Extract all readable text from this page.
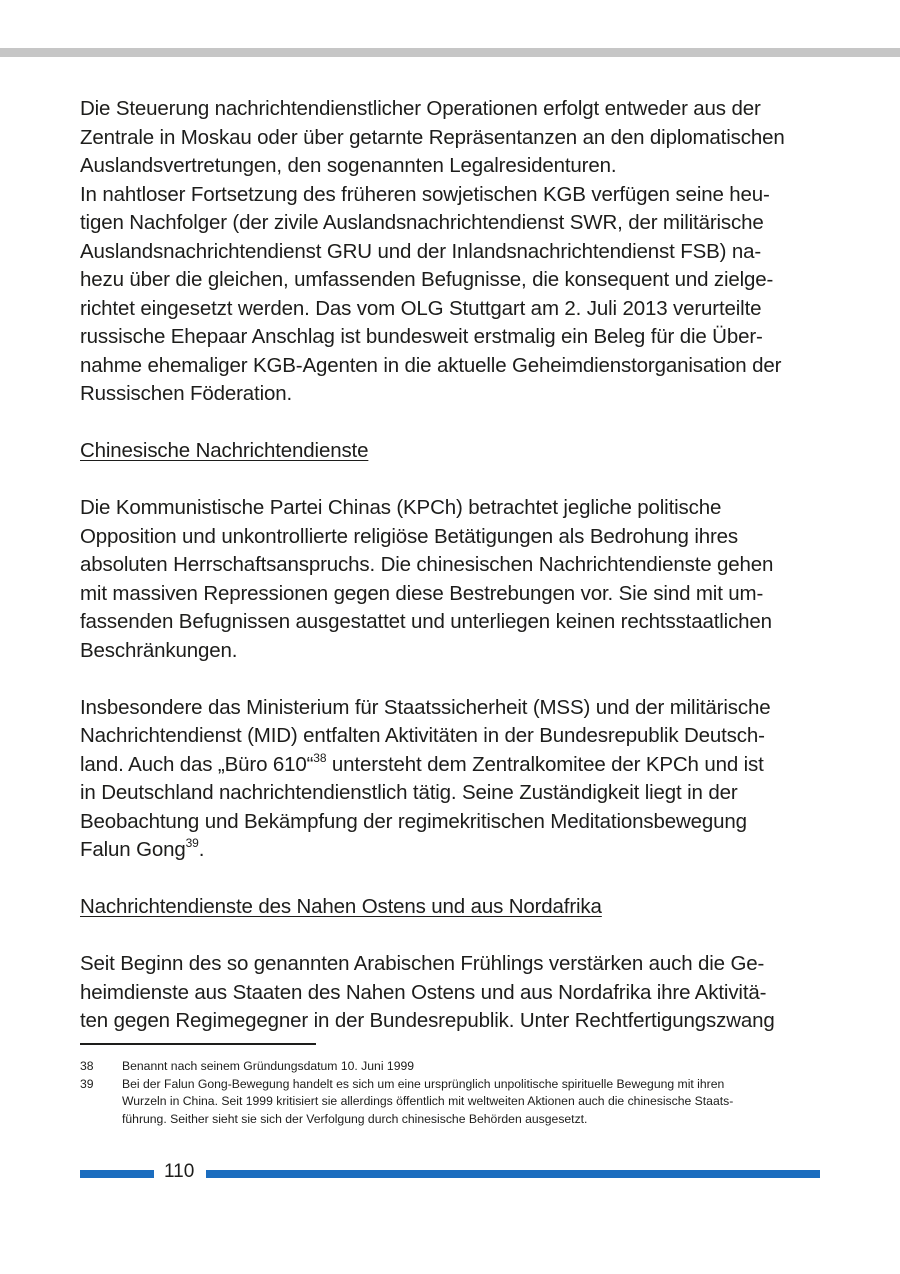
Die Steuerung nachrichtendienstlicher Operationen erfolgt entweder aus der
Zentrale in Moskau oder über getarnte Repräsentanzen an den diplomatischen
Auslandsvertretungen, den sogenannten Legalresidenturen.

In nahtloser Fortsetzung des früheren sowjetischen KGB verfügen seine heu-
tigen Nachfolger (der zivile Auslandsnachrichtendienst SWR, der militärische
Auslandsnachrichtendienst GRU und der Inlandsnachrichtendienst FSB) na-
hezu über die gleichen, umfassenden Befugnisse, die konsequent und zielge-
richtet eingesetzt werden. Das vom OLG Stuttgart am 2. Juli 2013 verurteilte
russische Ehepaar Anschlag ist bundesweit erstmalig ein Beleg für die Über-
nahme ehemaliger KGB-Agenten in die aktuelle Geheimdienstorganisation der
Russischen Föderation.

Chinesische Nachrichtendienste

Die Kommunistische Partei Chinas (KPCh) betrachtet jegliche politische
Opposition und unkontrollierte religiöse Betätigungen als Bedrohung ihres
absoluten Herrschaftsanspruchs. Die chinesischen Nachrichtendienste gehen
mit massiven Repressionen gegen diese Bestrebungen vor. Sie sind mit um-
fassenden Befugnissen ausgestattet und unterliegen keinen rechtsstaatlichen
Beschränkungen.

Insbesondere das Ministerium für Staatssicherheit (MSS) und der militärische
Nachrichtendienst (MID) entfalten Aktivitäten in der Bundesrepublik Deutsch-
land. Auch das „Büro 610“$^{38}$ untersteht dem Zentralkomitee der KPCh und ist
in Deutschland nachrichtendienstlich tätig. Seine Zuständigkeit liegt in der
Beobachtung und Bekämpfung der regimekritischen Meditationsbewegung
Falun Gong$^{39}$.

Nachrichtendienste des Nahen Ostens und aus Nordafrika

Seit Beginn des so genannten Arabischen Frühlings verstärken auch die Ge-
heimdienste aus Staaten des Nahen Ostens und aus Nordafrika ihre Aktivitä-
ten gegen Regimegegner in der Bundesrepublik. Unter Rechtfertigungszwang

38	Benannt nach seinem Gründungsdatum 10. Juni 1999
39	Bei der Falun Gong-Bewegung handelt es sich um eine ursprünglich unpolitische spirituelle Bewegung mit ihren
Wurzeln in China. Seit 1999 kritisiert sie allerdings öffentlich mit weltweiten Aktionen auch die chinesische Staats-
führung. Seither sieht sie sich der Verfolgung durch chinesische Behörden ausgesetzt.
110
